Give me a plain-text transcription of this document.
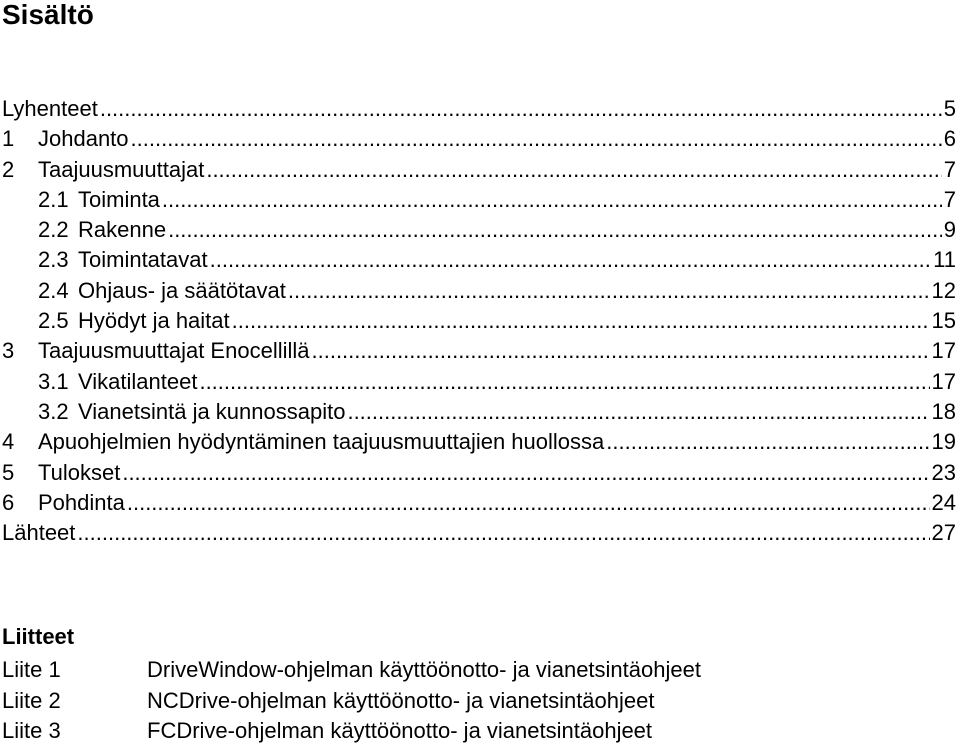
Sisältö
Lyhenteet .....	5
1	Johdanto .....	6
2	Taajuusmuuttajat .....	7
2.1 Toiminta .....	7
2.2 Rakenne .....	9
2.3 Toimintatavat .....	11
2.4 Ohjaus- ja säätötavat .....	12
2.5 Hyödyt ja haitat .....	15
3	Taajuusmuuttajat Enocellillä .....	17
3.1 Vikatilanteet .....	17
3.2 Vianetsintä ja kunnossapito .....	18
4	Apuohjelmien hyödyntäminen taajuusmuuttajien huollossa .....	19
5	Tulokset .....	23
6	Pohdinta .....	24
Lähteet .....	27
Liitteet
Liite 1	DriveWindow-ohjelman käyttöönotto- ja vianetsintäohjeet
Liite 2	NCDrive-ohjelman käyttöönotto- ja vianetsintäohjeet
Liite 3	FCDrive-ohjelman käyttöönotto- ja vianetsintäohjeet
